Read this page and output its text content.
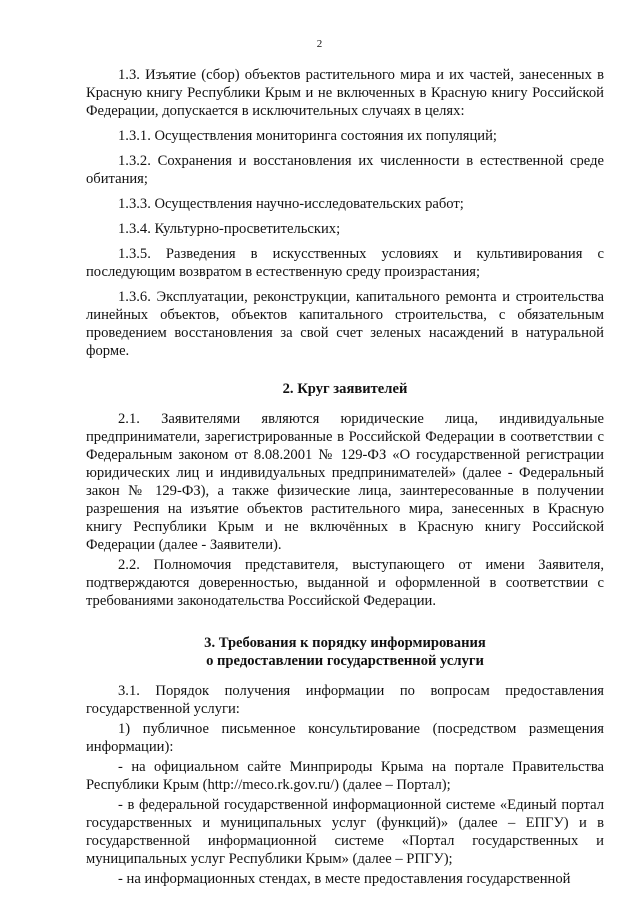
2

1.3. Изъятие (сбор) объектов растительного мира и их частей, занесенных в Красную книгу Республики Крым и не включенных в Красную книгу Российской Федерации, допускается в исключительных случаях в целях:

1.3.1. Осуществления мониторинга состояния их популяций;

1.3.2. Сохранения и восстановления их численности в естественной среде обитания;

1.3.3. Осуществления научно-исследовательских работ;

1.3.4. Культурно-просветительских;

1.3.5. Разведения в искусственных условиях и культивирования с последующим возвратом в естественную среду произрастания;

1.3.6. Эксплуатации, реконструкции, капитального ремонта и строительства линейных объектов, объектов капитального строительства, с обязательным проведением восстановления за свой счет зеленых насаждений в натуральной форме.

2. Круг заявителей

2.1. Заявителями являются юридические лица, индивидуальные предприниматели, зарегистрированные в Российской Федерации в соответствии с Федеральным законом от 8.08.2001 № 129-ФЗ «О государственной регистрации юридических лиц и индивидуальных предпринимателей» (далее - Федеральный закон № 129-ФЗ), а также физические лица, заинтересованные в получении разрешения на изъятие объектов растительного мира, занесенных в Красную книгу Республики Крым и не включённых в Красную книгу Российской Федерации (далее - Заявители).

2.2. Полномочия представителя, выступающего от имени Заявителя, подтверждаются доверенностью, выданной и оформленной в соответствии с требованиями законодательства Российской Федерации.

3. Требования к порядку информирования
о предоставлении государственной услуги

3.1. Порядок получения информации по вопросам предоставления государственной услуги:

1) публичное письменное консультирование (посредством размещения информации):

- на официальном сайте Минприроды Крыма на портале Правительства Республики Крым (http://meco.rk.gov.ru/) (далее – Портал);

- в федеральной государственной информационной системе «Единый портал государственных и муниципальных услуг (функций)» (далее – ЕПГУ) и в государственной информационной системе «Портал государственных и муниципальных услуг Республики Крым» (далее – РПГУ);

- на информационных стендах, в месте предоставления государственной
